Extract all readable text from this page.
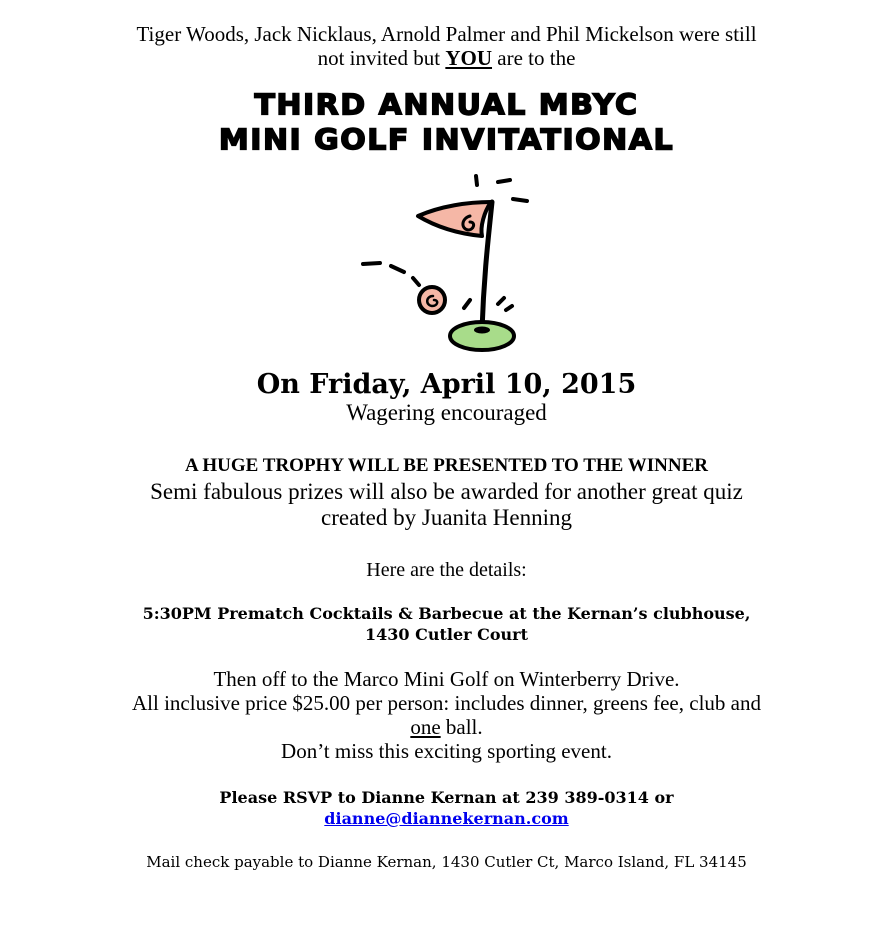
Tiger Woods, Jack Nicklaus, Arnold Palmer and Phil Mickelson were still
not invited but YOU are to the
THIRD ANNUAL MBYC
MINI GOLF INVITATIONAL
On Friday, April 10, 2015
Wagering encouraged
A HUGE TROPHY WILL BE PRESENTED TO THE WINNER
Semi fabulous prizes will also be awarded for another great quiz
created by Juanita Henning
Here are the details:
5:30PM Prematch Cocktails & Barbecue at the Kernan’s clubhouse,
1430 Cutler Court
Then off to the Marco Mini Golf on Winterberry Drive.
All inclusive price $25.00 per person: includes dinner, greens fee, club and
one ball.
Don’t miss this exciting sporting event.
Please RSVP to Dianne Kernan at 239 389-0314 or
dianne@diannekernan.com
Mail check payable to Dianne Kernan, 1430 Cutler Ct, Marco Island, FL 34145
